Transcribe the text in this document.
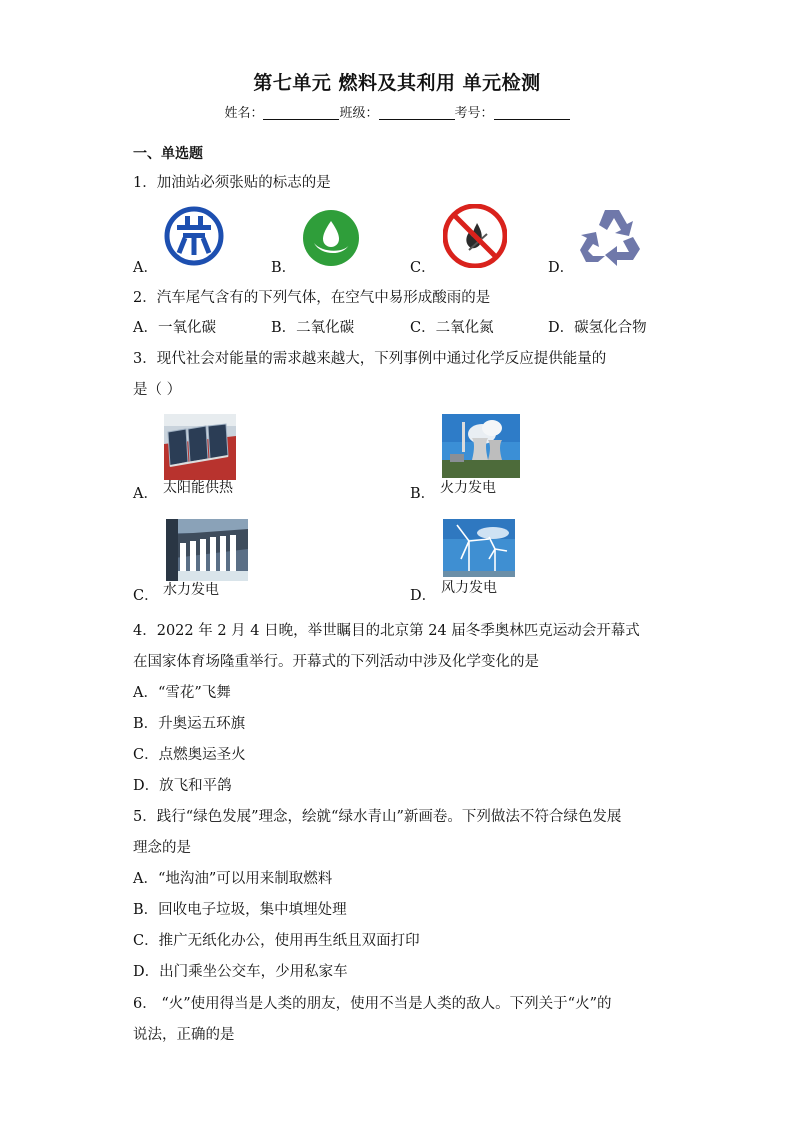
第七单元 燃料及其利用 单元检测
姓名：	班级：	考号：
一、单选题
1．加油站必须张贴的标志的是
A．	B．	C．	D．
2．汽车尾气含有的下列气体，在空气中易形成酸雨的是
A．一氧化碳	B．二氧化碳	C．二氧化氮	D．碳氢化合物
3．现代社会对能量的需求越来越大，下列事例中通过化学反应提供能量的
是（ ）
A． 太阳能供热	B． 火力发电
C． 水力发电	D． 风力发电
4．2022 年 2 月 4 日晚，举世瞩目的北京第 24 届冬季奥林匹克运动会开幕式
在国家体育场隆重举行。开幕式的下列活动中涉及化学变化的是
A．“雪花”飞舞
B．升奥运五环旗
C．点燃奥运圣火
D．放飞和平鸽
5．践行“绿色发展”理念，绘就“绿水青山”新画卷。下列做法不符合绿色发展
理念的是
A．“地沟油”可以用来制取燃料
B．回收电子垃圾，集中填埋处理
C．推广无纸化办公，使用再生纸且双面打印
D．出门乘坐公交车，少用私家车
6． “火”使用得当是人类的朋友，使用不当是人类的敌人。下列关于“火”的
说法，正确的是
